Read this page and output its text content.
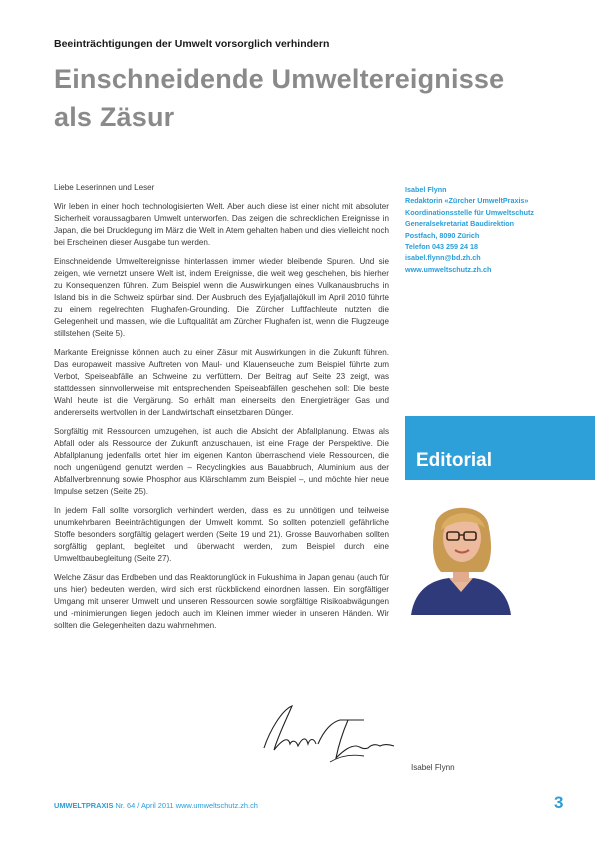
Beeinträchtigungen der Umwelt vorsorglich verhindern
Einschneidende Umweltereignisse
als Zäsur

Liebe Leserinnen und Leser

Wir leben in einer hoch technologisierten Welt. Aber auch diese ist einer nicht mit absoluter Sicherheit voraussagbaren Umwelt unterworfen. Das zeigen die schrecklichen Ereignisse in Japan, die bei Drucklegung im März die Welt in Atem gehalten haben und dies vielleicht noch bei Erscheinen dieser Ausgabe tun werden.

Einschneidende Umweltereignisse hinterlassen immer wieder bleibende Spuren. Und sie zeigen, wie vernetzt unsere Welt ist, indem Ereignisse, die weit weg geschehen, bis hierher zu Konsequenzen führen. Zum Beispiel wenn die Auswirkungen eines Vulkanausbruchs in Island bis in die Schweiz spürbar sind. Der Ausbruch des Eyjafjallajökull im April 2010 führte zu einem regelrechten Flughafen-Grounding. Die Zürcher Luftfachleute nutzten die Gelegenheit und massen, wie die Luftqualität am Zürcher Flughafen ist, wenn die Flugzeuge stillstehen (Seite 5).

Markante Ereignisse können auch zu einer Zäsur mit Auswirkungen in die Zukunft führen. Das europaweit massive Auftreten von Maul- und Klauenseuche zum Beispiel führte zum Verbot, Speiseabfälle an Schweine zu verfüttern. Der Beitrag auf Seite 23 zeigt, was stattdessen sinnvollerweise mit entsprechenden Speiseabfällen geschehen soll: Die beste Wahl heute ist die Vergärung. So erhält man einerseits den Energieträger Gas und andererseits wertvollen in der Landwirtschaft einsetzbaren Dünger.

Sorgfältig mit Ressourcen umzugehen, ist auch die Absicht der Abfallplanung. Etwas als Abfall oder als Ressource der Zukunft anzuschauen, ist eine Frage der Perspektive. Die Abfallplanung jedenfalls ortet hier im eigenen Kanton überraschend viele Ressourcen, die noch ungenügend genutzt werden – Recyclingkies aus Bauabbruch, Aluminium aus der Abfallverbrennung sowie Phosphor aus Klärschlamm zum Beispiel –, und möchte hier neue Impulse setzen (Seite 25).

In jedem Fall sollte vorsorglich verhindert werden, dass es zu unnötigen und teilweise unumkehrbaren Beeinträchtigungen der Umwelt kommt. So sollten potenziell gefährliche Stoffe besonders sorgfältig gelagert werden (Seite 19 und 21). Grosse Bauvorhaben sollten sorgfältig geplant, begleitet und überwacht werden, zum Beispiel durch eine Umweltbaubegleitung (Seite 27).

Welche Zäsur das Erdbeben und das Reaktorunglück in Fukushima in Japan genau (auch für uns hier) bedeuten werden, wird sich erst rückblickend einordnen lassen. Ein sorgfältiger Umgang mit unserer Umwelt und unseren Ressourcen sowie sorgfältige Risikoabwägungen und -minimierungen liegen jedoch auch im Kleinen immer wieder in unseren Händen. Wir sollten die Gelegenheiten dazu wahrnehmen.

Isabel Flynn
Redaktorin «Zürcher UmweltPraxis»
Koordinationsstelle für Umweltschutz
Generalsekretariat Baudirektion
Postfach, 8090 Zürich
Telefon 043 259 24 18
isabel.flynn@bd.zh.ch
www.umweltschutz.zh.ch
Editorial
Isabel Flynn
UMWELTPRAXIS Nr. 64 / April 2011 www.umweltschutz.zh.ch	3
